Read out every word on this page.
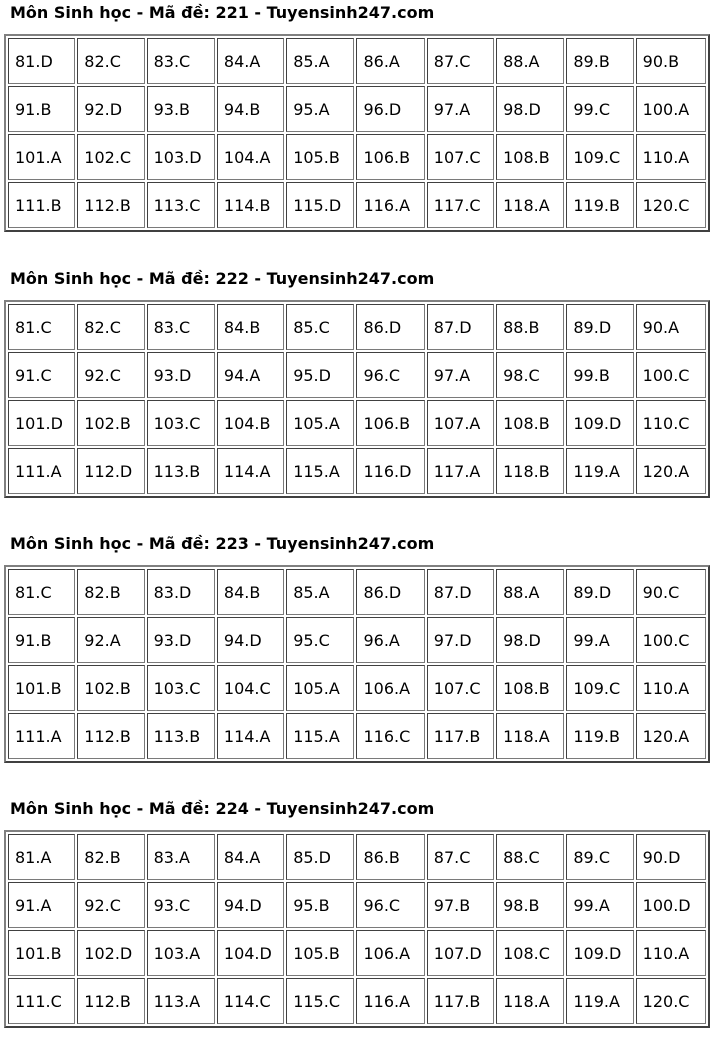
Môn Sinh học - Mã đề: 221 - Tuyensinh247.com
81.D	82.C	83.C	84.A	85.A	86.A	87.C	88.A	89.B	90.B
91.B	92.D	93.B	94.B	95.A	96.D	97.A	98.D	99.C	100.A
101.A	102.C	103.D	104.A	105.B	106.B	107.C	108.B	109.C	110.A
111.B	112.B	113.C	114.B	115.D	116.A	117.C	118.A	119.B	120.C
Môn Sinh học - Mã đề: 222 - Tuyensinh247.com
81.C	82.C	83.C	84.B	85.C	86.D	87.D	88.B	89.D	90.A
91.C	92.C	93.D	94.A	95.D	96.C	97.A	98.C	99.B	100.C
101.D	102.B	103.C	104.B	105.A	106.B	107.A	108.B	109.D	110.C
111.A	112.D	113.B	114.A	115.A	116.D	117.A	118.B	119.A	120.A
Môn Sinh học - Mã đề: 223 - Tuyensinh247.com
81.C	82.B	83.D	84.B	85.A	86.D	87.D	88.A	89.D	90.C
91.B	92.A	93.D	94.D	95.C	96.A	97.D	98.D	99.A	100.C
101.B	102.B	103.C	104.C	105.A	106.A	107.C	108.B	109.C	110.A
111.A	112.B	113.B	114.A	115.A	116.C	117.B	118.A	119.B	120.A
Môn Sinh học - Mã đề: 224 - Tuyensinh247.com
81.A	82.B	83.A	84.A	85.D	86.B	87.C	88.C	89.C	90.D
91.A	92.C	93.C	94.D	95.B	96.C	97.B	98.B	99.A	100.D
101.B	102.D	103.A	104.D	105.B	106.A	107.D	108.C	109.D	110.A
111.C	112.B	113.A	114.C	115.C	116.A	117.B	118.A	119.A	120.C
